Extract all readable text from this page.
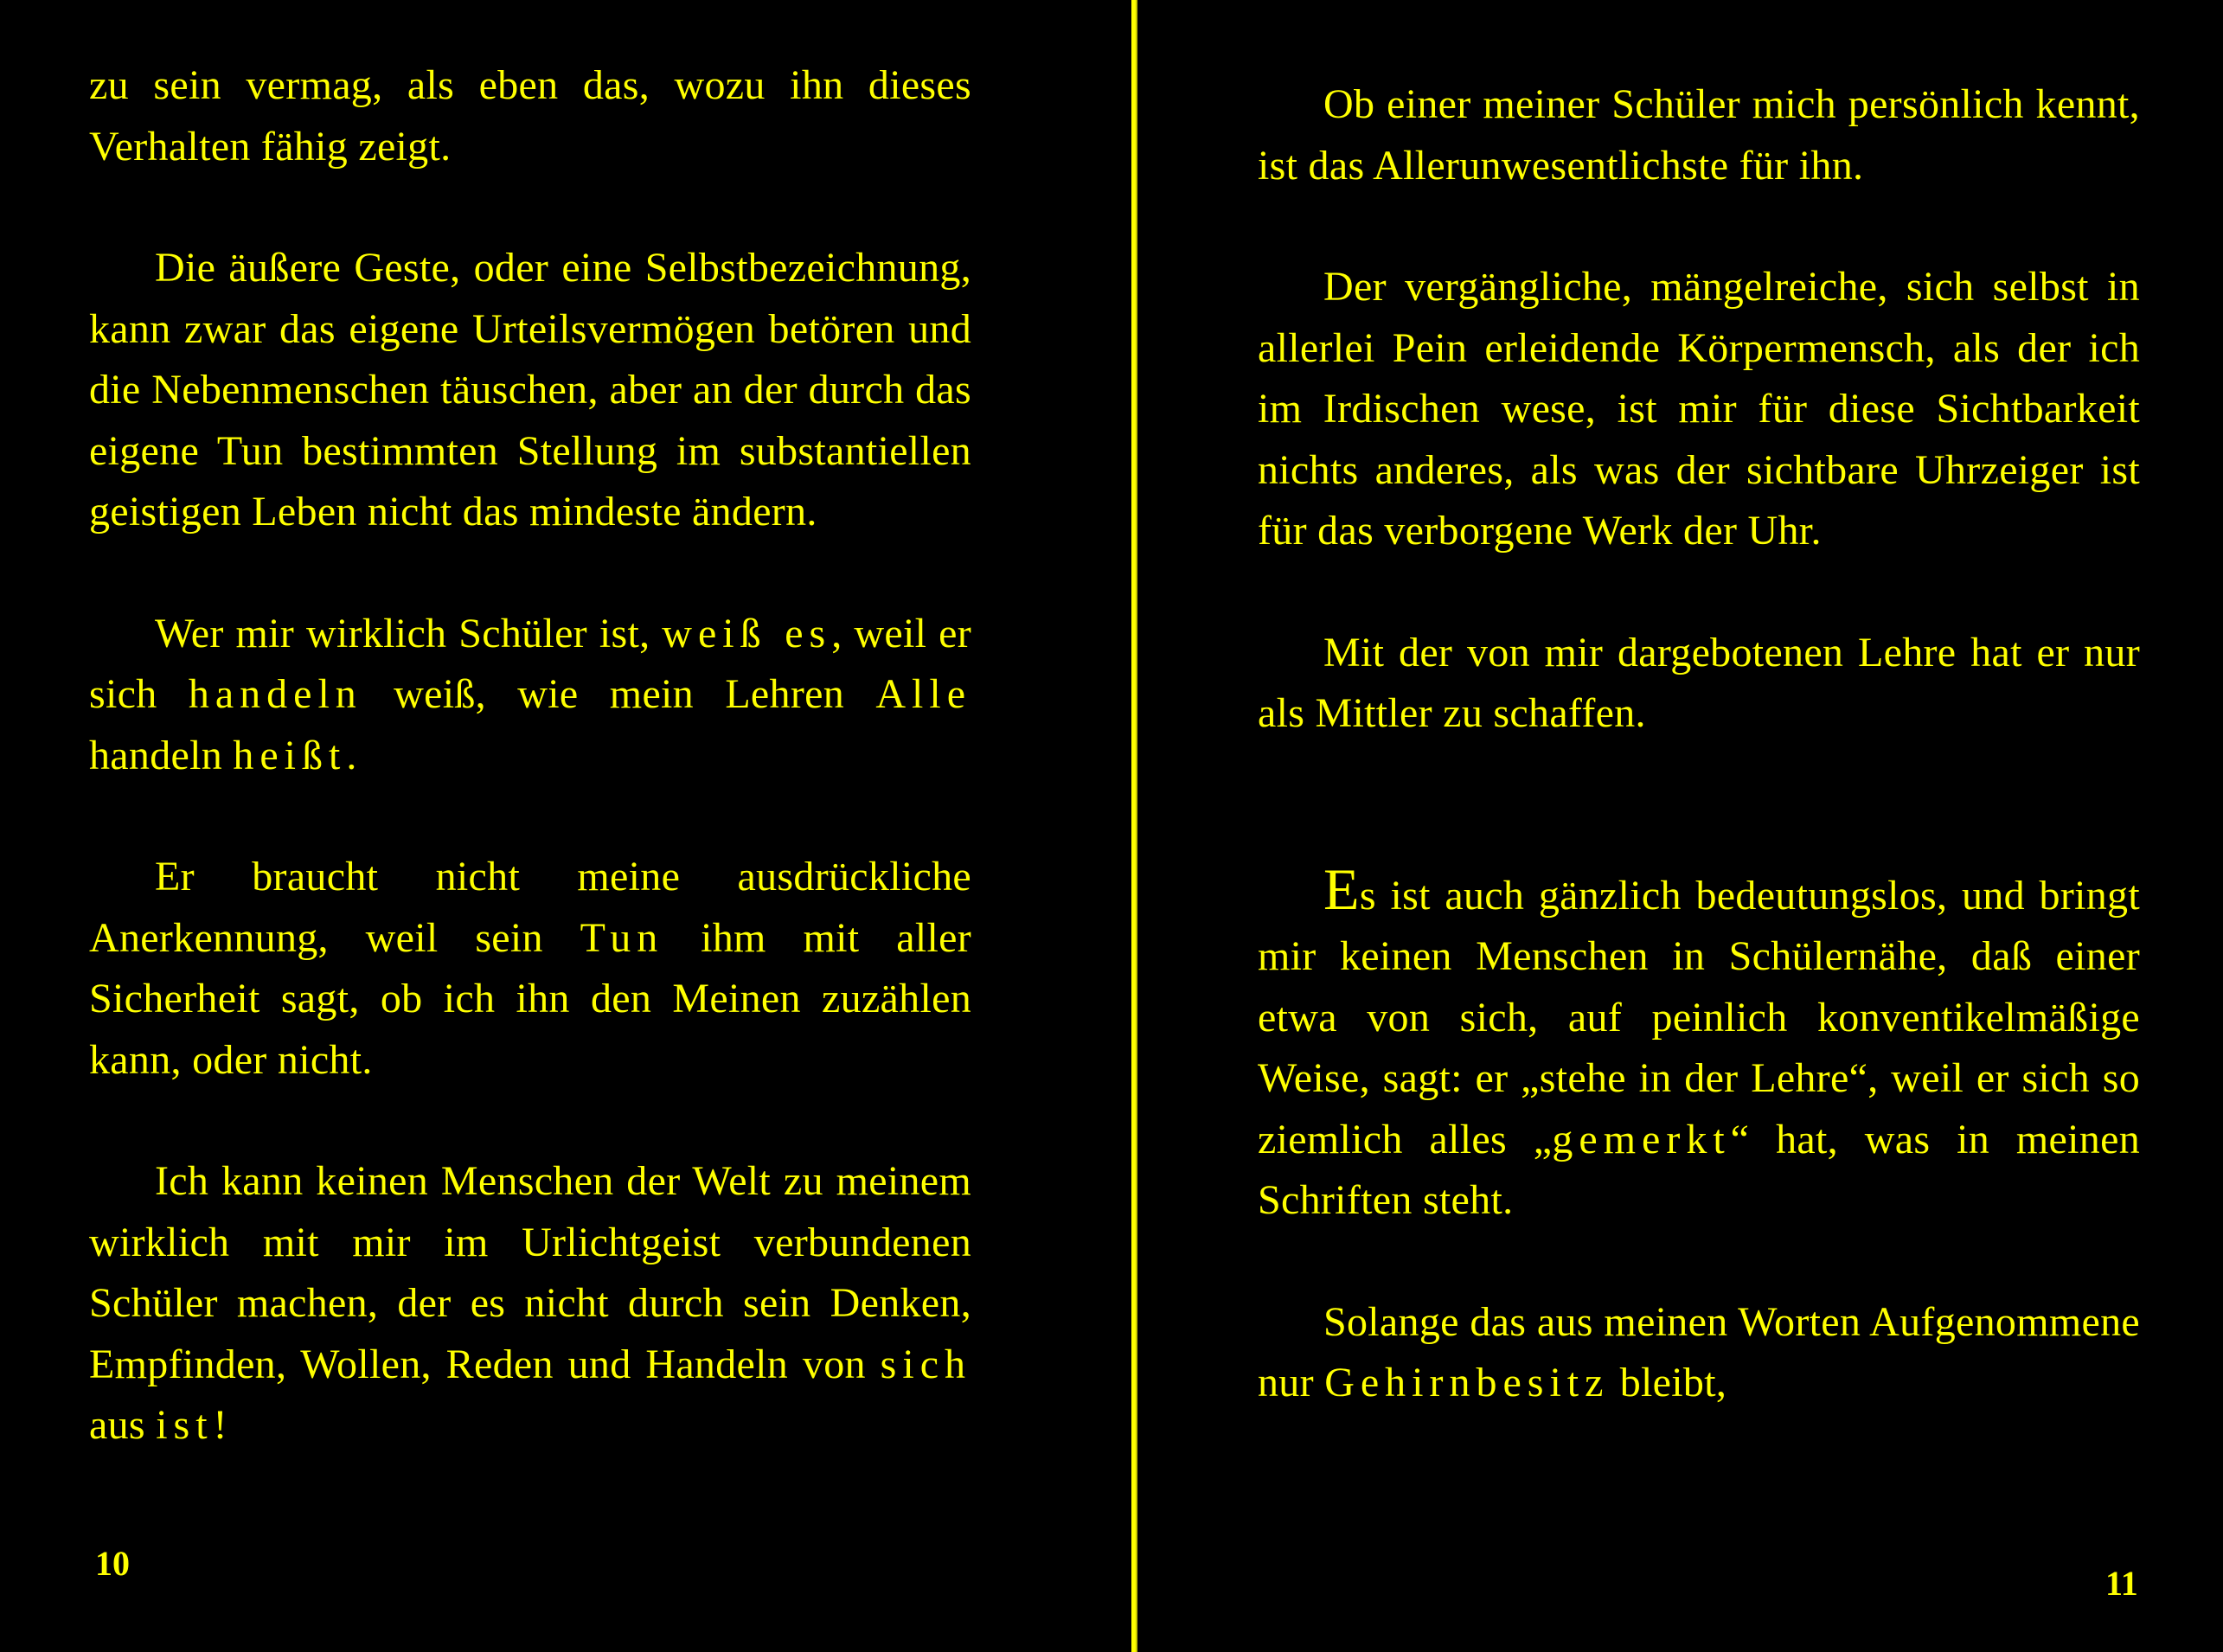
zu sein vermag, als eben das, wozu ihn dieses Verhalten fähig zeigt.

Die äußere Geste, oder eine Selbstbezeichnung, kann zwar das eigene Urteilsvermögen betören und die Nebenmenschen täuschen, aber an der durch das eigene Tun bestimmten Stellung im substantiellen geistigen Leben nicht das mindeste ändern.

Wer mir wirklich Schüler ist, weiß es, weil er sich handeln weiß, wie mein Lehren Alle handeln heißt.

Er braucht nicht meine ausdrückliche Anerkennung, weil sein Tun ihm mit aller Sicherheit sagt, ob ich ihn den Meinen zuzählen kann, oder nicht.

Ich kann keinen Menschen der Welt zu meinem wirklich mit mir im Urlichtgeist verbundenen Schüler machen, der es nicht durch sein Denken, Empfinden, Wollen, Reden und Handeln von sich aus ist!

10

Ob einer meiner Schüler mich persönlich kennt, ist das Allerunwesentlichste für ihn.

Der vergängliche, mängelreiche, sich selbst in allerlei Pein erleidende Körpermensch, als der ich im Irdischen wese, ist mir für diese Sichtbarkeit nichts anderes, als was der sichtbare Uhrzeiger ist für das verborgene Werk der Uhr.

Mit der von mir dargebotenen Lehre hat er nur als Mittler zu schaffen.

Es ist auch gänzlich bedeutungslos, und bringt mir keinen Menschen in Schülernähe, daß einer etwa von sich, auf peinlich konventikelmäßige Weise, sagt: er „stehe in der Lehre“, weil er sich so ziemlich alles „gemerkt“ hat, was in meinen Schriften steht.

Solange das aus meinen Worten Aufgenommene nur Gehirnbesitz bleibt,

11
